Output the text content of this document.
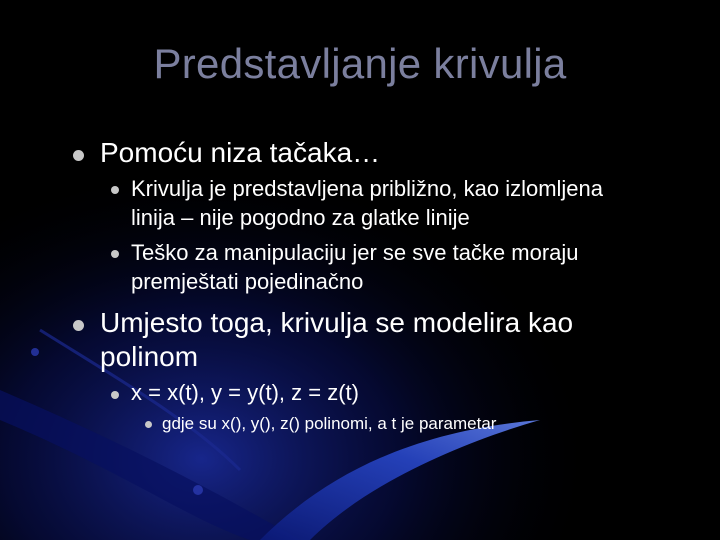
Predstavljanje krivulja
Pomoću niza tačaka…
Krivulja je predstavljena približno, kao izlomljena
linija – nije pogodno za glatke linije
Teško za manipulaciju jer se sve tačke moraju
premještati pojedinačno
Umjesto toga, krivulja se modelira kao
polinom
x = x(t), y = y(t), z = z(t)
gdje su x(), y(), z() polinomi, a t je parametar
